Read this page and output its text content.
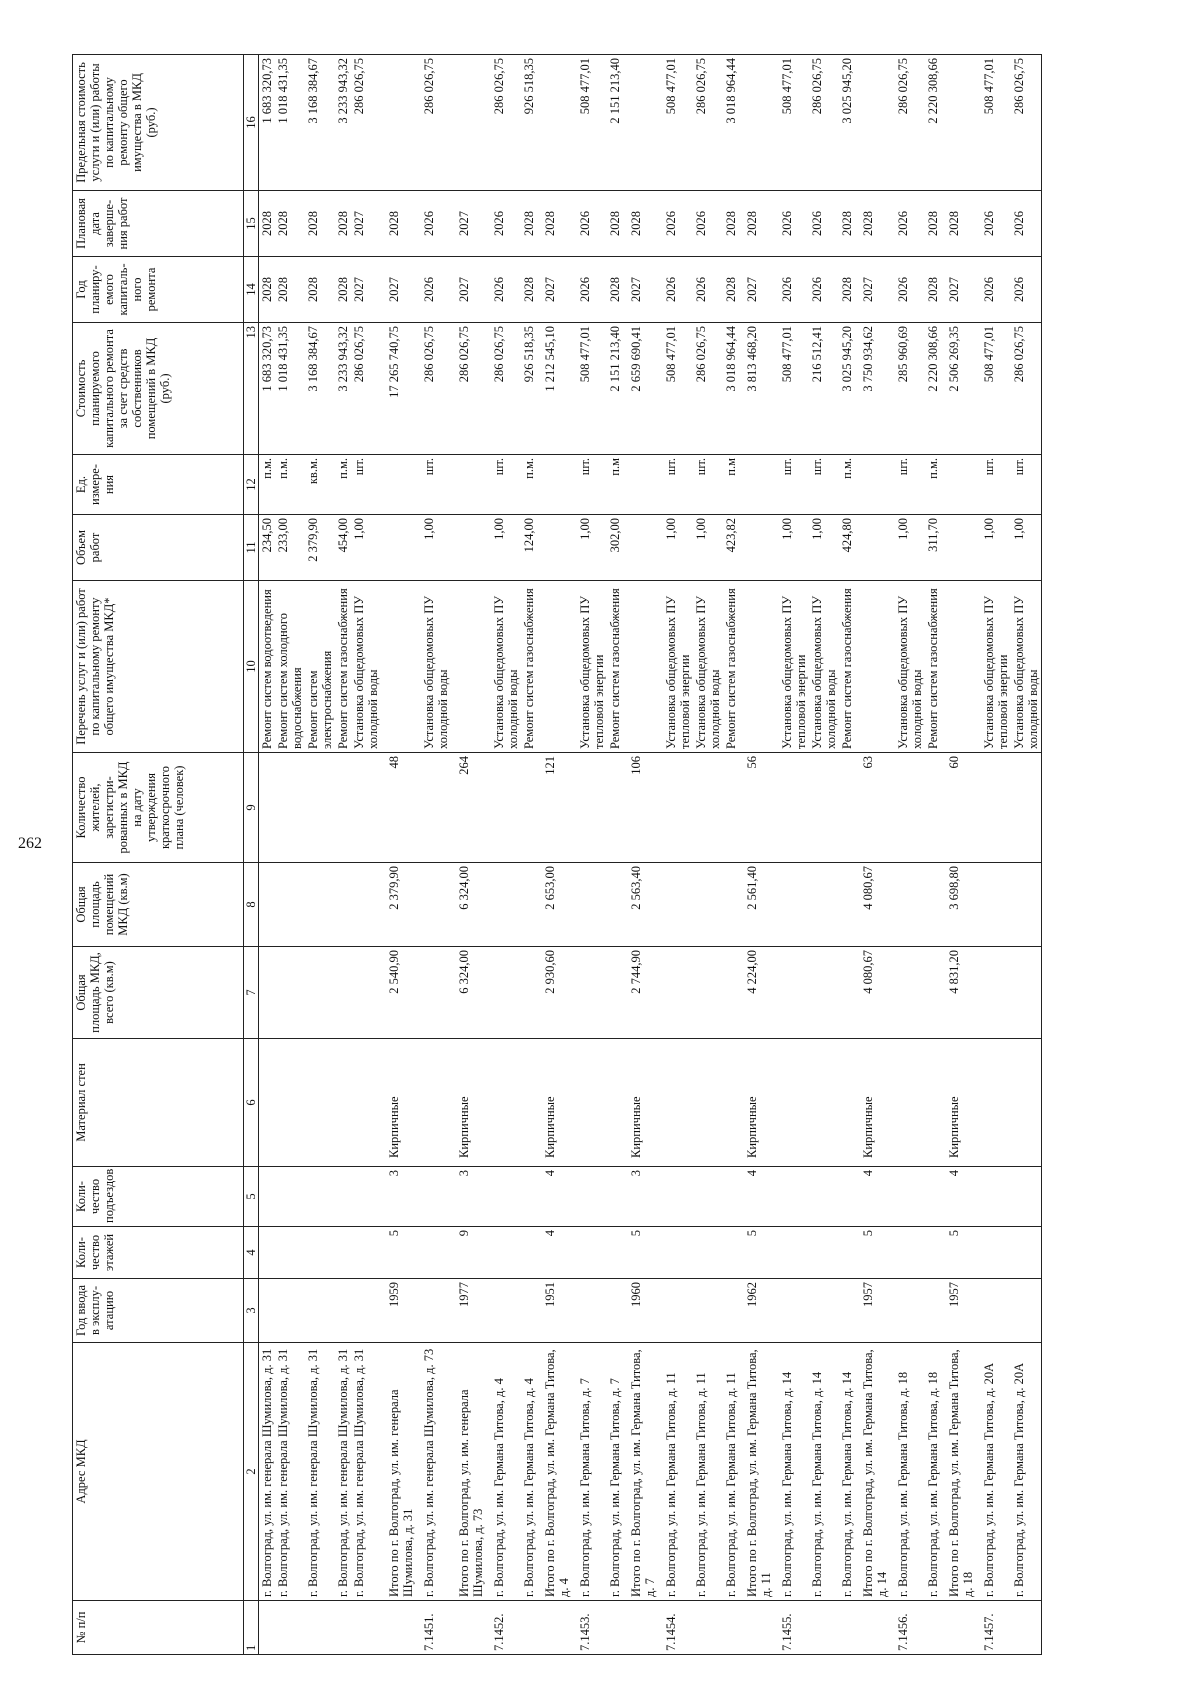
262
№ п/п	Адрес МКД	Год ввода в эксплу-атацию	Коли-чество этажей	Коли-чество подъездов	Материал стен	Общая площадь МКД, всего (кв.м)	Общая площадь помещений МКД (кв.м)	Количество жителей, зарегистри-рованных в МКД на дату утверждения краткосрочного плана (человек)	Перечень услуг и (или) работ по капитальному ремонту общего имущества МКД*	Объем работ	Ед. измере-ния	Стоимость планируемого капитального ремонта за счет средств собственников помещений в МКД (руб.)	Год планиру-емого капиталь-ного ремонта	Плановая дата заверше-ния работ	Предельная стоимость услуги и (или) работы по капитальному ремонту общего имущества в МКД (руб.)
1	2	3	4	5	6	7	8	9	10	11	12	13	14	15	16
	г. Волгоград, ул. им. генерала Шумилова, д. 31								Ремонт систем водоотведения	234,50	п.м.	1 683 320,73	2028	2028	1 683 320,73
	г. Волгоград, ул. им. генерала Шумилова, д. 31								Ремонт систем холодного водоснабжения	233,00	п.м.	1 018 431,35	2028	2028	1 018 431,35
	г. Волгоград, ул. им. генерала Шумилова, д. 31								Ремонт систем электроснабжения	2 379,90	кв.м.	3 168 384,67	2028	2028	3 168 384,67
	г. Волгоград, ул. им. генерала Шумилова, д. 31								Ремонт систем газоснабжения	454,00	п.м.	3 233 943,32	2028	2028	3 233 943,32
	г. Волгоград, ул. им. генерала Шумилова, д. 31								Установка общедомовых ПУ холодной воды	1,00	шт.	286 026,75	2027	2027	286 026,75
	Итого по г. Волгоград, ул. им. генерала Шумилова, д. 31	1959	5	3	Кирпичные	2 540,90	2 379,90	48				17 265 740,75	2027	2028	
7.1451.	г. Волгоград, ул. им. генерала Шумилова, д. 73								Установка общедомовых ПУ холодной воды	1,00	шт.	286 026,75	2026	2026	286 026,75
	Итого по г. Волгоград, ул. им. генерала Шумилова, д. 73	1977	9	3	Кирпичные	6 324,00	6 324,00	264				286 026,75	2027	2027	
7.1452.	г. Волгоград, ул. им. Германа Титова, д. 4								Установка общедомовых ПУ холодной воды	1,00	шт.	286 026,75	2026	2026	286 026,75
	г. Волгоград, ул. им. Германа Титова, д. 4								Ремонт систем газоснабжения	124,00	п.м.	926 518,35	2028	2028	926 518,35
	Итого по г. Волгоград, ул. им. Германа Титова, д. 4	1951	4	4	Кирпичные	2 930,60	2 653,00	121				1 212 545,10	2027	2028	
7.1453.	г. Волгоград, ул. им. Германа Титова, д. 7								Установка общедомовых ПУ тепловой энергии	1,00	шт.	508 477,01	2026	2026	508 477,01
	г. Волгоград, ул. им. Германа Титова, д. 7								Ремонт систем газоснабжения	302,00	п.м	2 151 213,40	2028	2028	2 151 213,40
	Итого по г. Волгоград, ул. им. Германа Титова, д. 7	1960	5	3	Кирпичные	2 744,90	2 563,40	106				2 659 690,41	2027	2028	
7.1454.	г. Волгоград, ул. им. Германа Титова, д. 11								Установка общедомовых ПУ тепловой энергии	1,00	шт.	508 477,01	2026	2026	508 477,01
	г. Волгоград, ул. им. Германа Титова, д. 11								Установка общедомовых ПУ холодной воды	1,00	шт.	286 026,75	2026	2026	286 026,75
	г. Волгоград, ул. им. Германа Титова, д. 11								Ремонт систем газоснабжения	423,82	п.м	3 018 964,44	2028	2028	3 018 964,44
	Итого по г. Волгоград, ул. им. Германа Титова, д. 11	1962	5	4	Кирпичные	4 224,00	2 561,40	56				3 813 468,20	2027	2028	
7.1455.	г. Волгоград, ул. им. Германа Титова, д. 14								Установка общедомовых ПУ тепловой энергии	1,00	шт.	508 477,01	2026	2026	508 477,01
	г. Волгоград, ул. им. Германа Титова, д. 14								Установка общедомовых ПУ холодной воды	1,00	шт.	216 512,41	2026	2026	286 026,75
	г. Волгоград, ул. им. Германа Титова, д. 14								Ремонт систем газоснабжения	424,80	п.м.	3 025 945,20	2028	2028	3 025 945,20
	Итого по г. Волгоград, ул. им. Германа Титова, д. 14	1957	5	4	Кирпичные	4 080,67	4 080,67	63				3 750 934,62	2027	2028	
7.1456.	г. Волгоград, ул. им. Германа Титова, д. 18								Установка общедомовых ПУ холодной воды	1,00	шт.	285 960,69	2026	2026	286 026,75
	г. Волгоград, ул. им. Германа Титова, д. 18								Ремонт систем газоснабжения	311,70	п.м.	2 220 308,66	2028	2028	2 220 308,66
	Итого по г. Волгоград, ул. им. Германа Титова, д. 18	1957	5	4	Кирпичные	4 831,20	3 698,80	60				2 506 269,35	2027	2028	
7.1457.	г. Волгоград, ул. им. Германа Титова, д. 20А								Установка общедомовых ПУ тепловой энергии	1,00	шт.	508 477,01	2026	2026	508 477,01
	г. Волгоград, ул. им. Германа Титова, д. 20А								Установка общедомовых ПУ холодной воды	1,00	шт.	286 026,75	2026	2026	286 026,75
